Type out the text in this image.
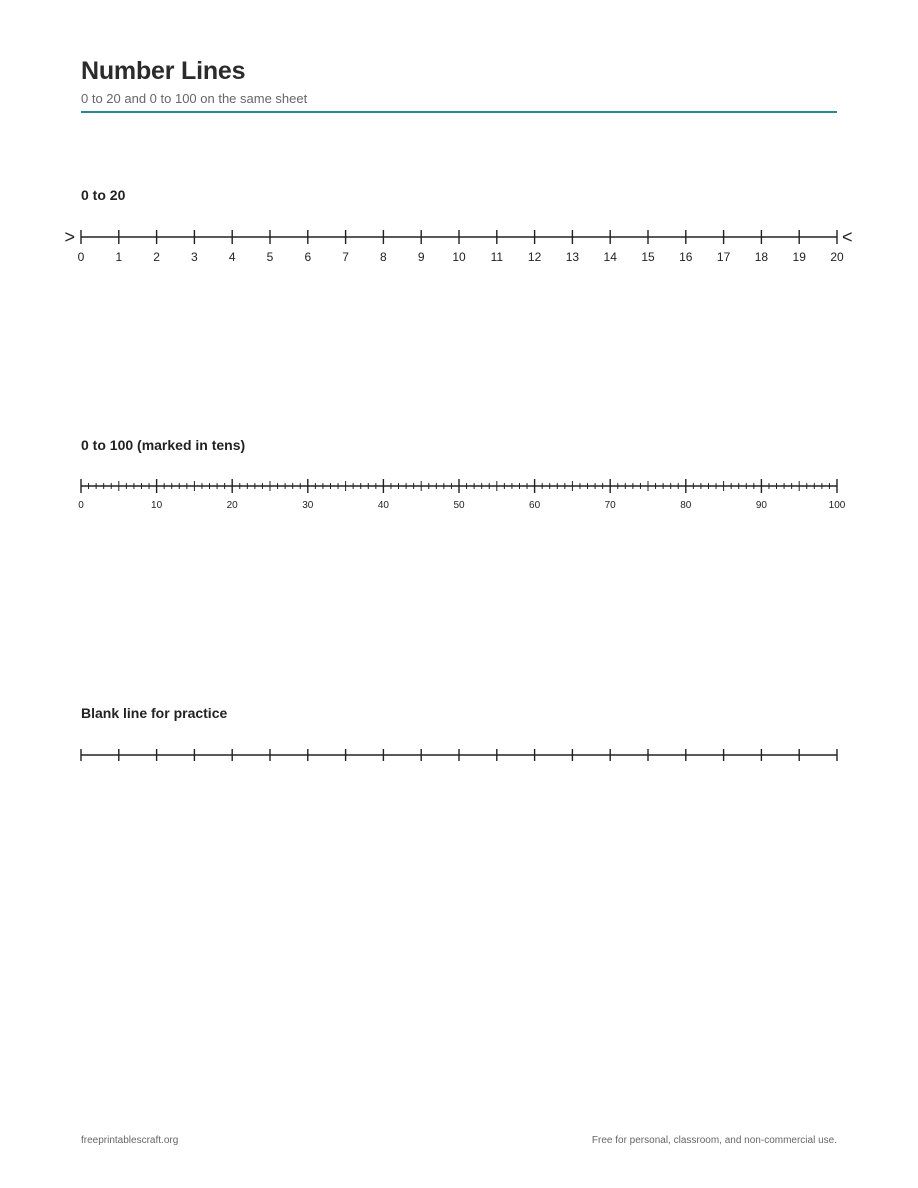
Number Lines

0 to 20 and 0 to 100 on the same sheet

0 to 20
0	1	2	3	4	5	6	7	8	9 10 11 12 13 14 15 16 17 18 19 20
>	<
0 to 100 (marked in tens)
0	10	20	30	40	50	60	70	80	90	100
Blank line for practice

freeprintablescraft.org	Free for personal, classroom, and non-commercial use.
